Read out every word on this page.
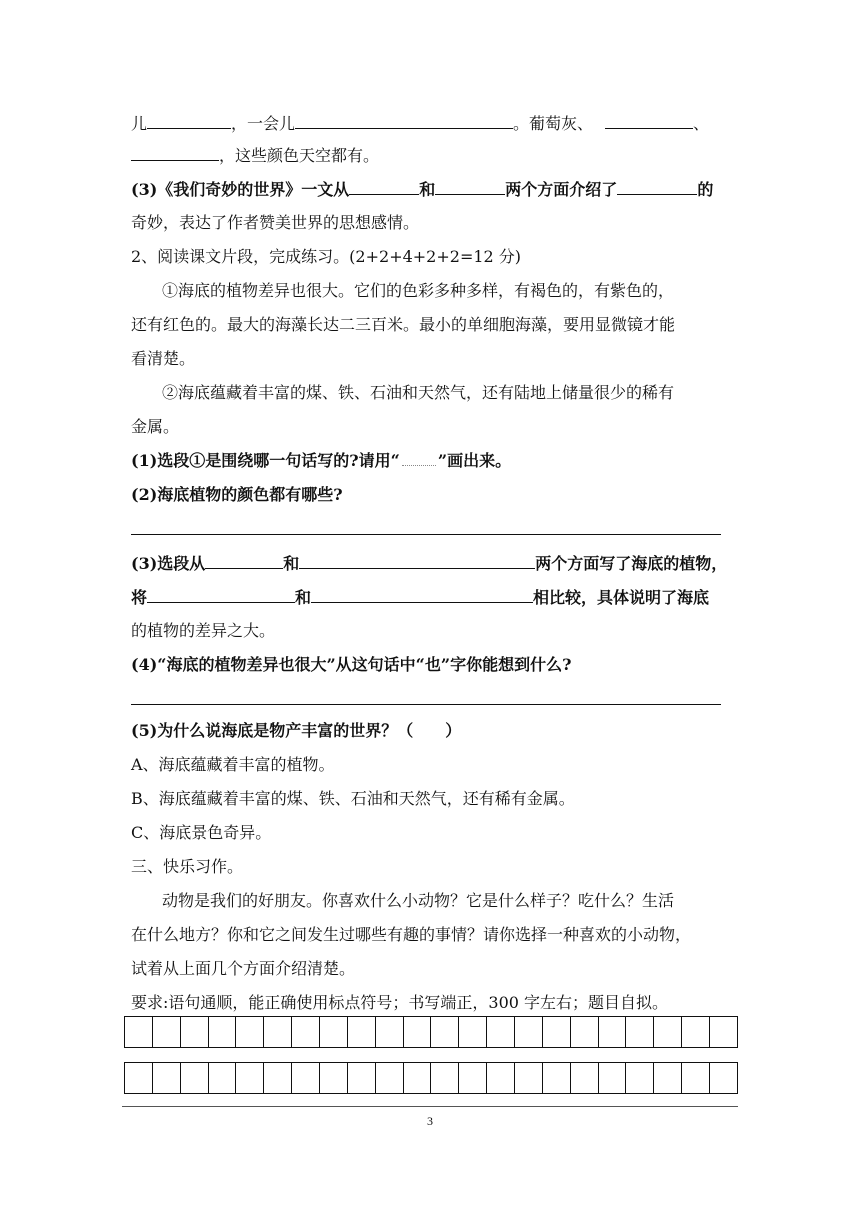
儿	，一会儿	。葡萄灰、	、
，这些颜色天空都有。
(3)《我们奇妙的世界》一文从	和	两个方面介绍了	的
奇妙，表达了作者赞美世界的思想感情。
2、阅读课文片段，完成练习。(2+2+4+2+2=12 分)
①海底的植物差异也很大。它们的色彩多种多样，有褐色的，有紫色的，
还有红色的。最大的海藻长达二三百米。最小的单细胞海藻，要用显微镜才能
看清楚。
②海底蕴藏着丰富的煤、铁、石油和天然气，还有陆地上储量很少的稀有
金属。
(1)选段①是围绕哪一句话写的?请用“ ”画出来。
(2)海底植物的颜色都有哪些?
(3)选段从	和	两个方面写了海底的植物，
将	和	相比较，具体说明了海底
的植物的差异之大。
(4)“海底的植物差异也很大”从这句话中“也”字你能想到什么?
(5)为什么说海底是物产丰富的世界？（　　）
A、海底蕴藏着丰富的植物。
B、海底蕴藏着丰富的煤、铁、石油和天然气，还有稀有金属。
C、海底景色奇异。
三、快乐习作。
动物是我们的好朋友。你喜欢什么小动物？它是什么样子？吃什么？生活
在什么地方？你和它之间发生过哪些有趣的事情？请你选择一种喜欢的小动物，
试着从上面几个方面介绍清楚。
要求:语句通顺，能正确使用标点符号；书写端正，300 字左右；题目自拟。
3
